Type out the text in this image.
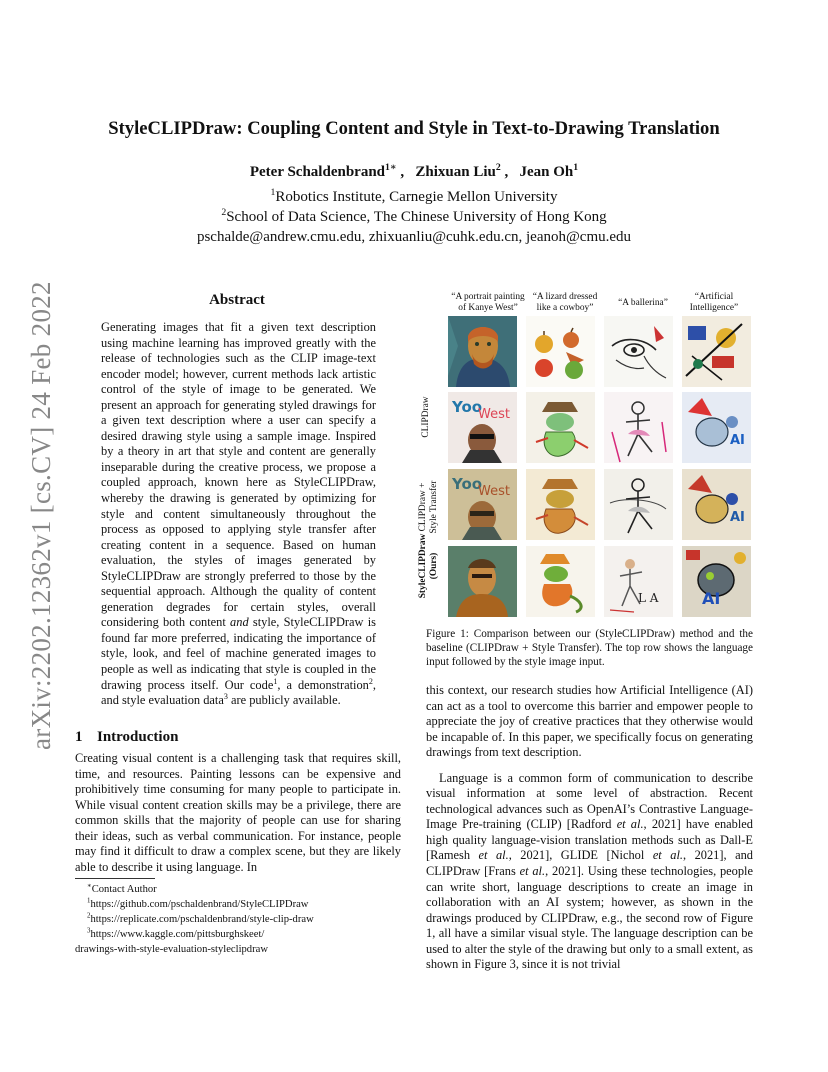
arXiv:2202.12362v1 [cs.CV] 24 Feb 2022
StyleCLIPDraw: Coupling Content and Style in Text-to-Drawing Translation
Peter Schaldenbrand$^{1∗}$ ,   Zhixuan Liu$^2$ ,   Jean Oh$^1$
$^1$Robotics Institute, Carnegie Mellon University
$^2$School of Data Science, The Chinese University of Hong Kong
pschalde@andrew.cmu.edu, zhixuanliu@cuhk.edu.cn, jeanoh@cmu.edu
Abstract
Generating images that fit a given text description using machine learning has improved greatly with the release of technologies such as the CLIP image-text encoder model; however, current methods lack artistic control of the style of image to be generated. We present an approach for generating styled drawings for a given text description where a user can specify a desired drawing style using a sample image. Inspired by a theory in art that style and content are generally inseparable during the creative process, we propose a coupled approach, known here as StyleCLIPDraw, whereby the drawing is generated by optimizing for style and content simultaneously throughout the process as opposed to applying style transfer after creating content in a sequence. Based on human evaluation, the styles of images generated by StyleCLIPDraw are strongly preferred to those by the sequential approach. Although the quality of content generation degrades for certain styles, overall considering both content and style, StyleCLIPDraw is found far more preferred, indicating the importance of style, look, and feel of machine generated images to people as well as indicating that style is coupled in the drawing process itself. Our code$^1$, a demonstration$^2$, and style evaluation data$^3$ are publicly available.
1 Introduction
Creating visual content is a challenging task that requires skill, time, and resources. Painting lessons can be expensive and prohibitively time consuming for many people to participate in. While visual content creation skills may be a privilege, there are common skills that the majority of people can use for sharing their ideas, such as verbal communication. For instance, people may find it difficult to draw a complex scene, but they are likely able to describe it using language. In
∗Contact Author
$^1$https://github.com/pschaldenbrand/StyleCLIPDraw
$^2$https://replicate.com/pschaldenbrand/style-clip-draw
$^3$https://www.kaggle.com/pittsburghskeet/
drawings-with-style-evaluation-styleclipdraw
“A portrait painting of Kanye West”
“A lizard dressed like a cowboy”	“A ballerina”
“Artificial Intelligence”
CLIPDraw
CLIPDraw + Style Transfer
StyleCLIPDraw (Ours)
Yoo
West
AI
Yoo
West
AI
L A	AI
Figure 1: Comparison between our (StyleCLIPDraw) method and the baseline (CLIPDraw + Style Transfer). The top row shows the language input followed by the style image input.

this context, our research studies how Artificial Intelligence (AI) can act as a tool to overcome this barrier and empower people to appreciate the joy of creative practices that they otherwise would be incapable of. In this paper, we specifically focus on generating drawings from text description.

Language is a common form of communication to describe visual information at some level of abstraction. Recent technological advances such as OpenAI’s Contrastive Language-Image Pre-training (CLIP) [Radford et al., 2021] have enabled high quality language-vision translation methods such as Dall-E [Ramesh et al., 2021], GLIDE [Nichol et al., 2021], and CLIPDraw [Frans et al., 2021]. Using these technologies, people can write short, language descriptions to create an image in collaboration with an AI system; however, as shown in the drawings produced by CLIPDraw, e.g., the second row of Figure 1, all have a similar visual style. The language description can be used to alter the style of the drawing but only to a small extent, as shown in Figure 3, since it is not trivial
